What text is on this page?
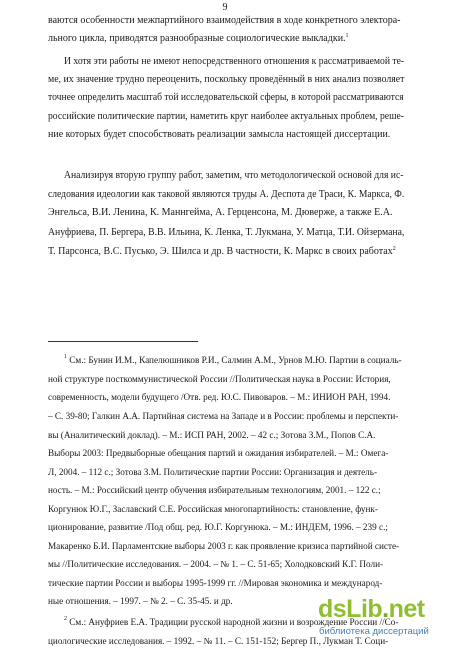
9
ваются особенности межпартийного взаимодействия в ходе конкретного электора-
льного цикла, приводятся разнообразные социологические выкладки.$^1$
И хотя эти работы не имеют непосредственного отношения к рассматриваемой те-
ме, их значение трудно переоценить, поскольку проведённый в них анализ позволяет
точнее определить масштаб той исследовательской сферы, в которой рассматриваются
российские политические партии, наметить круг наиболее актуальных проблем, реше-
ние которых будет способствовать реализации замысла настоящей диссертации.
Анализируя вторую группу работ, заметим, что методологической основой для ис-
следования идеологии как таковой являются труды А. Деспота де Траси, К. Маркса, Ф.
Энгельса, В.И. Ленина, К. Маннгейма, А. Герценсона, М. Дюверже, а также Е.А.
Ануфриева, П. Бергера, В.В. Ильина, К. Ленка, Т. Лукмана, У. Матца, Т.И. Ойзермана,
Т. Парсонса, В.С. Пусько, Э. Шилса и др. В частности, К. Маркс в своих работах$^2$
$^1$ См.: Бунин И.М., Капелюшников Р.И., Салмин А.М., Урнов М.Ю. Партии в социаль-
ной структуре посткоммунистической России //Политическая наука в России: История,
современность, модели будущего /Отв. ред. Ю.С. Пивоваров. – М.: ИНИОН РАН, 1994.
– С. 39-80; Галкин А.А. Партийная система на Западе и в России: проблемы и перспекти-
вы (Аналитический доклад). – М.: ИСП РАН, 2002. – 42 с.; Зотова З.М., Попов С.А.
Выборы 2003: Предвыборные обещания партий и ожидания избирателей. – М.: Омега-
Л, 2004. – 112 с.; Зотова З.М. Политические партии России: Организация и деятель-
ность. – М.: Российский центр обучения избирательным технологиям, 2001. – 122 с.;
Коргунюк Ю.Г., Заславский С.Е. Российская многопартийность: становление, функ-
ционирование, развитие /Под общ. ред. Ю.Г. Коргунюка. – М.: ИНДЕМ, 1996. – 239 с.;
Макаренко Б.И. Парламентские выборы 2003 г. как проявление кризиса партийной систе-
мы //Политические исследования. – 2004. – № 1. – С. 51-65; Холодковский К.Г. Поли-
тические партии России и выборы 1995-1999 гг. //Мировая экономика и международ-
ные отношения. – 1997. – № 2. – С. 35-45. и др.	dsLib.net
библиотека диссертаций
$^2$ См.: Ануфриев Е.А. Традиции русской народной жизни и возрождение России //Со-
циологические исследования. – 1992. – № 11. – С. 151-152; Бергер П., Лукман Т. Соци-
